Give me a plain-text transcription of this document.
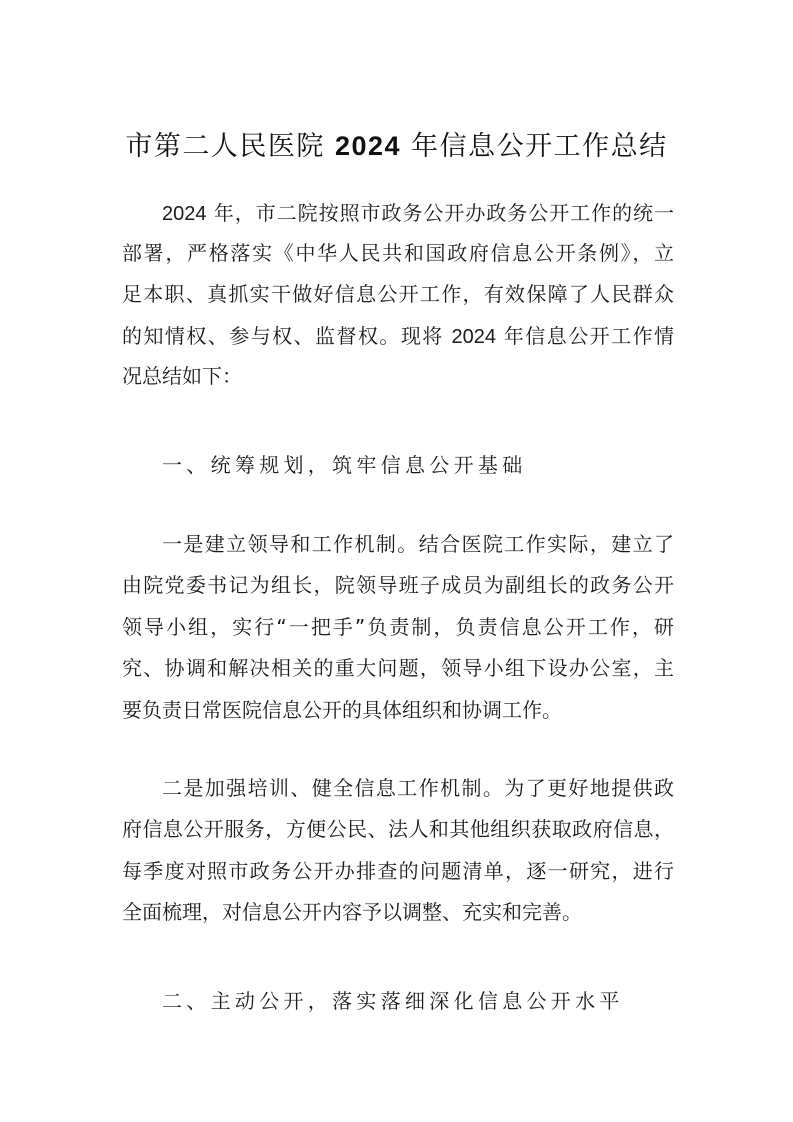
市第二人民医院 2024 年信息公开工作总结
2024 年，市二院按照市政务公开办政务公开工作的统一
部署，严格落实《中华人民共和国政府信息公开条例》，立
足本职、真抓实干做好信息公开工作，有效保障了人民群众
的知情权、参与权、监督权。现将 2024 年信息公开工作情
况总结如下：
一、统筹规划，筑牢信息公开基础
一是建立领导和工作机制。结合医院工作实际，建立了
由院党委书记为组长，院领导班子成员为副组长的政务公开
领导小组，实行“一把手”负责制，负责信息公开工作，研
究、协调和解决相关的重大问题，领导小组下设办公室，主
要负责日常医院信息公开的具体组织和协调工作。
二是加强培训、健全信息工作机制。为了更好地提供政
府信息公开服务，方便公民、法人和其他组织获取政府信息，
每季度对照市政务公开办排查的问题清单，逐一研究，进行
全面梳理，对信息公开内容予以调整、充实和完善。
二、主动公开，落实落细深化信息公开水平
